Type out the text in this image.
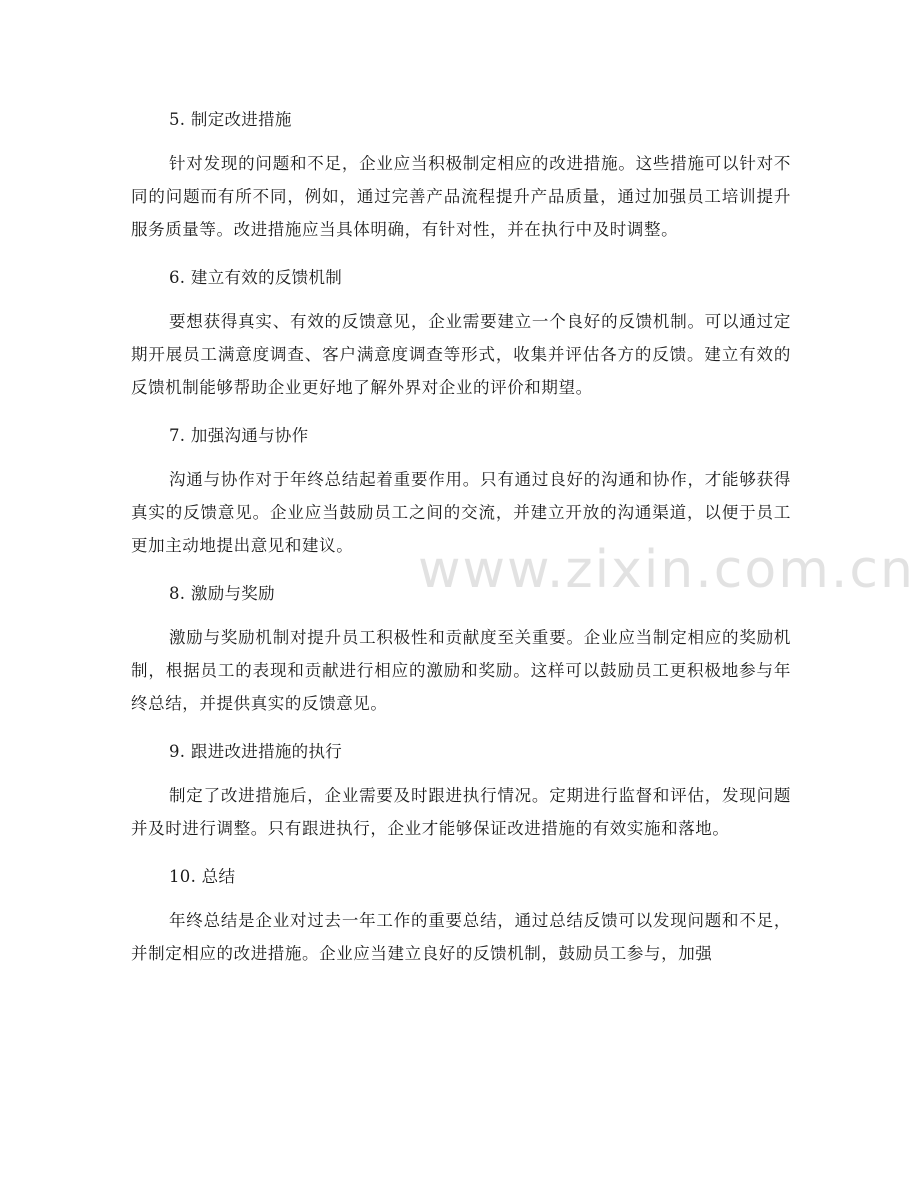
5. 制定改进措施

针对发现的问题和不足，企业应当积极制定相应的改进措施。这些措施可以针对不同的问题而有所不同，例如，通过完善产品流程提升产品质量，通过加强员工培训提升服务质量等。改进措施应当具体明确，有针对性，并在执行中及时调整。

6. 建立有效的反馈机制

要想获得真实、有效的反馈意见，企业需要建立一个良好的反馈机制。可以通过定期开展员工满意度调查、客户满意度调查等形式，收集并评估各方的反馈。建立有效的反馈机制能够帮助企业更好地了解外界对企业的评价和期望。

7. 加强沟通与协作

沟通与协作对于年终总结起着重要作用。只有通过良好的沟通和协作，才能够获得真实的反馈意见。企业应当鼓励员工之间的交流，并建立开放的沟通渠道，以便于员工更加主动地提出意见和建议。

8. 激励与奖励

激励与奖励机制对提升员工积极性和贡献度至关重要。企业应当制定相应的奖励机制，根据员工的表现和贡献进行相应的激励和奖励。这样可以鼓励员工更积极地参与年终总结，并提供真实的反馈意见。

9. 跟进改进措施的执行

制定了改进措施后，企业需要及时跟进执行情况。定期进行监督和评估，发现问题并及时进行调整。只有跟进执行，企业才能够保证改进措施的有效实施和落地。

10. 总结

年终总结是企业对过去一年工作的重要总结，通过总结反馈可以发现问题和不足，并制定相应的改进措施。企业应当建立良好的反馈机制，鼓励员工参与，加强

www.zixin.com.cn
